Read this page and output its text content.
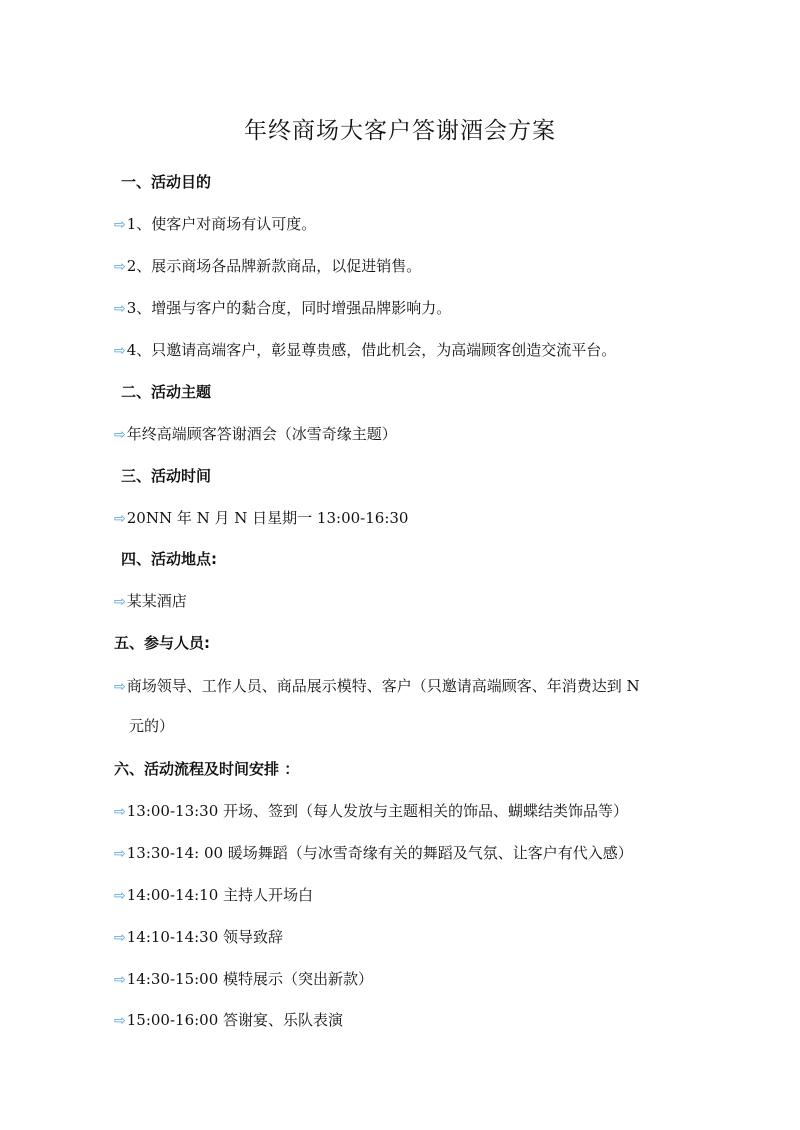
年终商场大客户答谢酒会方案
一、活动目的
⇨1、使客户对商场有认可度。
⇨2、展示商场各品牌新款商品，以促进销售。
⇨3、增强与客户的黏合度，同时增强品牌影响力。
⇨4、只邀请高端客户，彰显尊贵感，借此机会，为高端顾客创造交流平台。
二、活动主题
⇨年终高端顾客答谢酒会（冰雪奇缘主题）
三、活动时间
⇨20NN 年 N 月 N 日星期一 13:00-16:30
四、活动地点:
⇨某某酒店
五、参与人员:
⇨商场领导、工作人员、商品展示模特、客户（只邀请高端顾客、年消费达到 N
元的）
六、活动流程及时间安排 ：
⇨13:00-13:30 开场、签到（每人发放与主题相关的饰品、蝴蝶结类饰品等）
⇨13:30-14: 00 暖场舞蹈（与冰雪奇缘有关的舞蹈及气氛、让客户有代入感）
⇨14:00-14:10 主持人开场白
⇨14:10-14:30 领导致辞
⇨14:30-15:00 模特展示（突出新款）
⇨15:00-16:00 答谢宴、乐队表演
